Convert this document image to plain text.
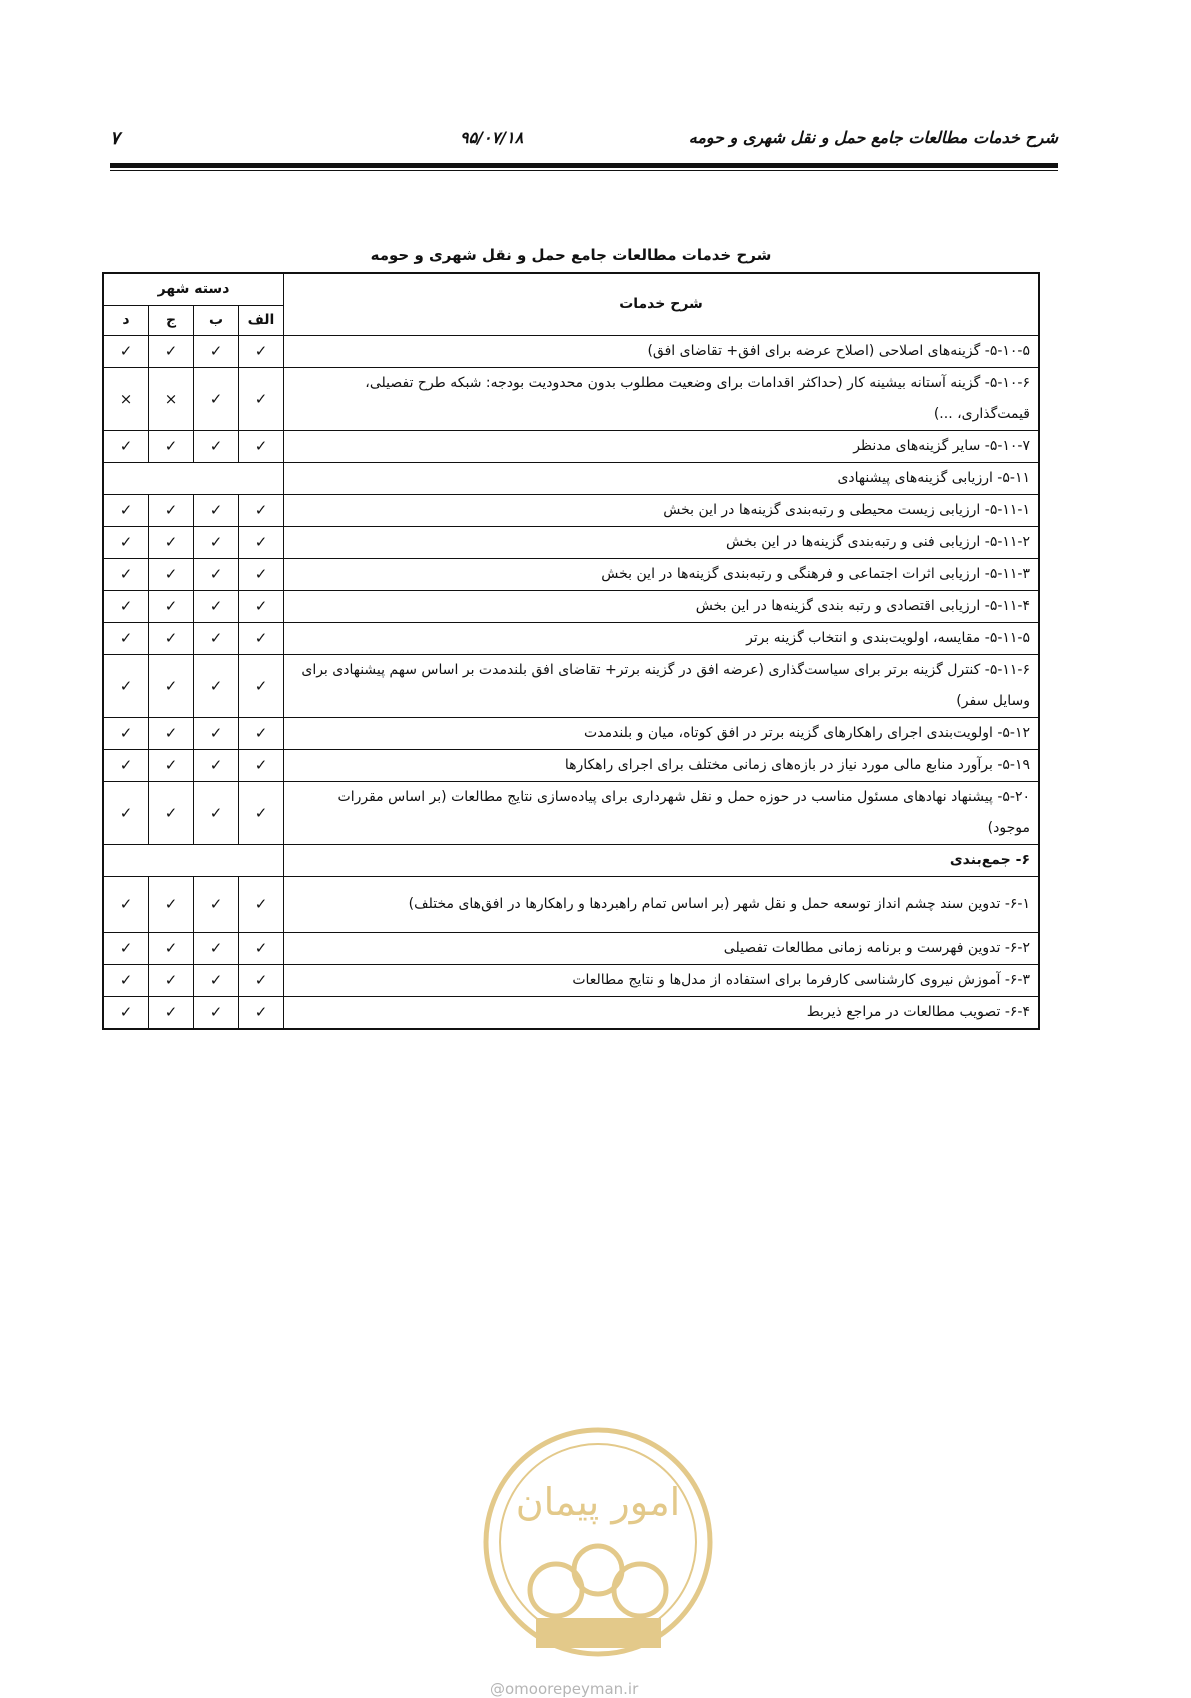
شرح خدمات مطالعات جامع حمل و نقل شهری و حومه
۹۵/۰۷/۱۸
۷
شرح خدمات مطالعات جامع حمل و نقل شهری و حومه
شرح خدمات	دسته شهر			
	الف	ب	ج	د
۵-۱۰-۵- گزینه‌های اصلاحی (اصلاح عرضه برای افق+ تقاضای افق)	✓	✓	✓	✓
۵-۱۰-۶- گزینه آستانه بیشینه کار (حداکثر اقدامات برای وضعیت مطلوب بدون محدودیت بودجه: شبکه طرح تفصیلی، قیمت‌گذاری، ...)	✓	✓	×	×
۵-۱۰-۷- سایر گزینه‌های مدنظر	✓	✓	✓	✓
۵-۱۱- ارزیابی گزینه‌های پیشنهادی				
۵-۱۱-۱- ارزیابی زیست محیطی و رتبه‌بندی گزینه‌ها در این بخش	✓	✓	✓	✓
۵-۱۱-۲- ارزیابی فنی و رتبه‌بندی گزینه‌ها در این بخش	✓	✓	✓	✓
۵-۱۱-۳- ارزیابی اثرات اجتماعی و فرهنگی و رتبه‌بندی گزینه‌ها در این بخش	✓	✓	✓	✓
۵-۱۱-۴- ارزیابی اقتصادی و رتبه بندی گزینه‌ها در این بخش	✓	✓	✓	✓
۵-۱۱-۵- مقایسه، اولویت‌بندی و انتخاب گزینه برتر	✓	✓	✓	✓
۵-۱۱-۶- کنترل گزینه برتر برای سیاست‌گذاری (عرضه افق در گزینه برتر+ تقاضای افق بلندمدت بر اساس سهم پیشنهادی برای وسایل سفر)	✓	✓	✓	✓
۵-۱۲- اولویت‌بندی اجرای راهکارهای گزینه برتر در افق کوتاه، میان و بلندمدت	✓	✓	✓	✓
۵-۱۹- برآورد منابع مالی مورد نیاز در بازه‌های زمانی مختلف برای اجرای راهکارها	✓	✓	✓	✓
۵-۲۰- پیشنهاد نهادهای مسئول مناسب در حوزه حمل و نقل شهرداری برای پیاده‌سازی نتایج مطالعات (بر اساس مقررات موجود)	✓	✓	✓	✓
۶- جمع‌بندی				
۶-۱- تدوین سند چشم انداز توسعه حمل و نقل شهر (بر اساس تمام راهبردها و راهکارها در افق‌های مختلف)	✓	✓	✓	✓
۶-۲- تدوین فهرست و برنامه زمانی مطالعات تفصیلی	✓	✓	✓	✓
۶-۳- آموزش نیروی کارشناسی کارفرما برای استفاده از مدل‌ها و نتایج مطالعات	✓	✓	✓	✓
۶-۴- تصویب مطالعات در مراجع ذیربط	✓	✓	✓	✓
امور پیمان
@omoorepeyman.ir
